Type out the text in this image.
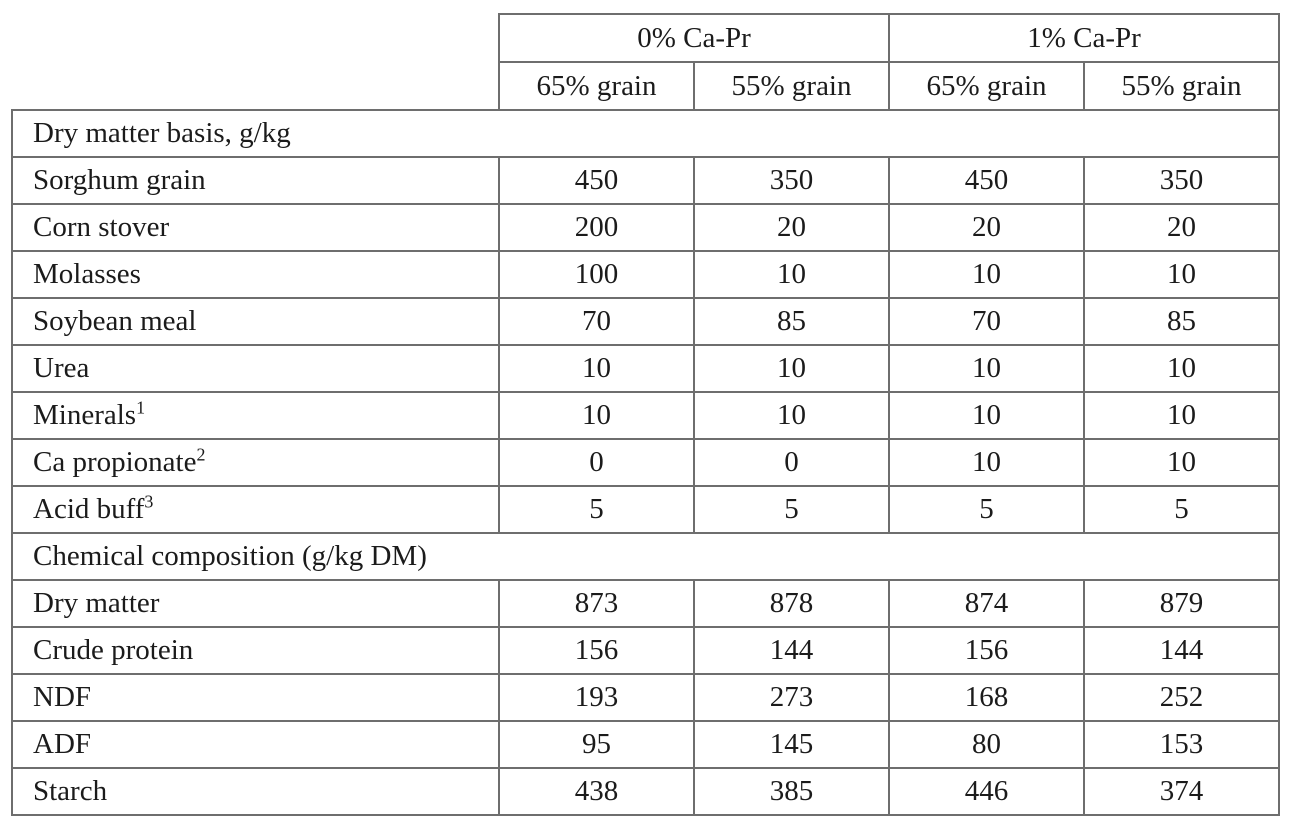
	0% Ca-Pr		1% Ca-Pr	
	65% grain	55% grain	65% grain	55% grain
Dry matter basis, g/kg				
Sorghum grain	450	350	450	350
Corn stover	200	20	20	20
Molasses	100	10	10	10
Soybean meal	70	85	70	85
Urea	10	10	10	10
Minerals$^1$	10	10	10	10
Ca propionate$^2$	0	0	10	10
Acid buff$^3$	5	5	5	5
Chemical composition (g/kg DM)				
Dry matter	873	878	874	879
Crude protein	156	144	156	144
NDF	193	273	168	252
ADF	95	145	80	153
Starch	438	385	446	374
